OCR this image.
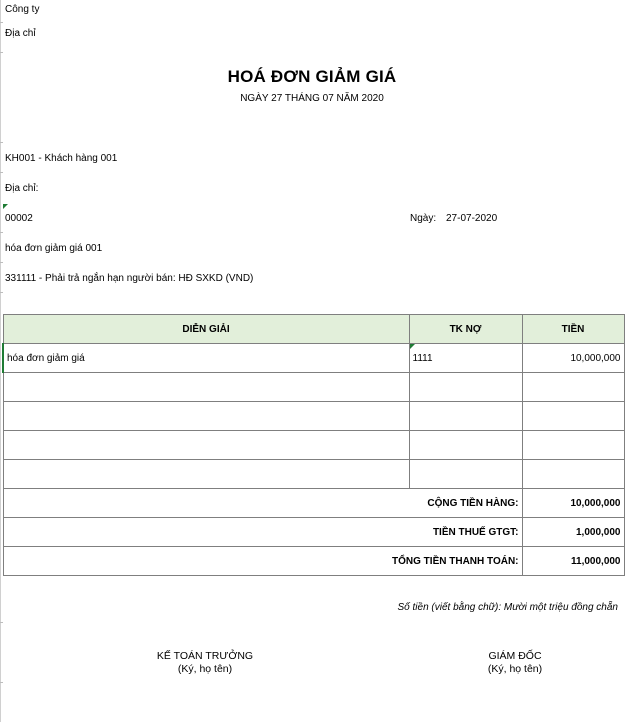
Công ty
Địa chỉ
HOÁ ĐƠN GIẢM GIÁ
NGÀY 27 THÁNG 07 NĂM 2020
KH001 - Khách hàng 001
Địa chỉ:
00002	Ngày: 27-07-2020
hóa đơn giảm giá 001
331111 - Phải trả ngắn hạn người bán: HĐ SXKD (VND)
DIỄN GIẢI	TK NỢ	TIỀN
hóa đơn giảm giá	1111	10,000,000

CỘNG TIỀN HÀNG:		10,000,000
TIỀN THUẾ GTGT:		1,000,000
TỔNG TIỀN THANH TOÁN:		11,000,000
Số tiền (viết bằng chữ): Mười một triệu đồng chẵn
KẾ TOÁN TRƯỞNG
(Ký, họ tên)
GIÁM ĐỐC
(Ký, họ tên)
